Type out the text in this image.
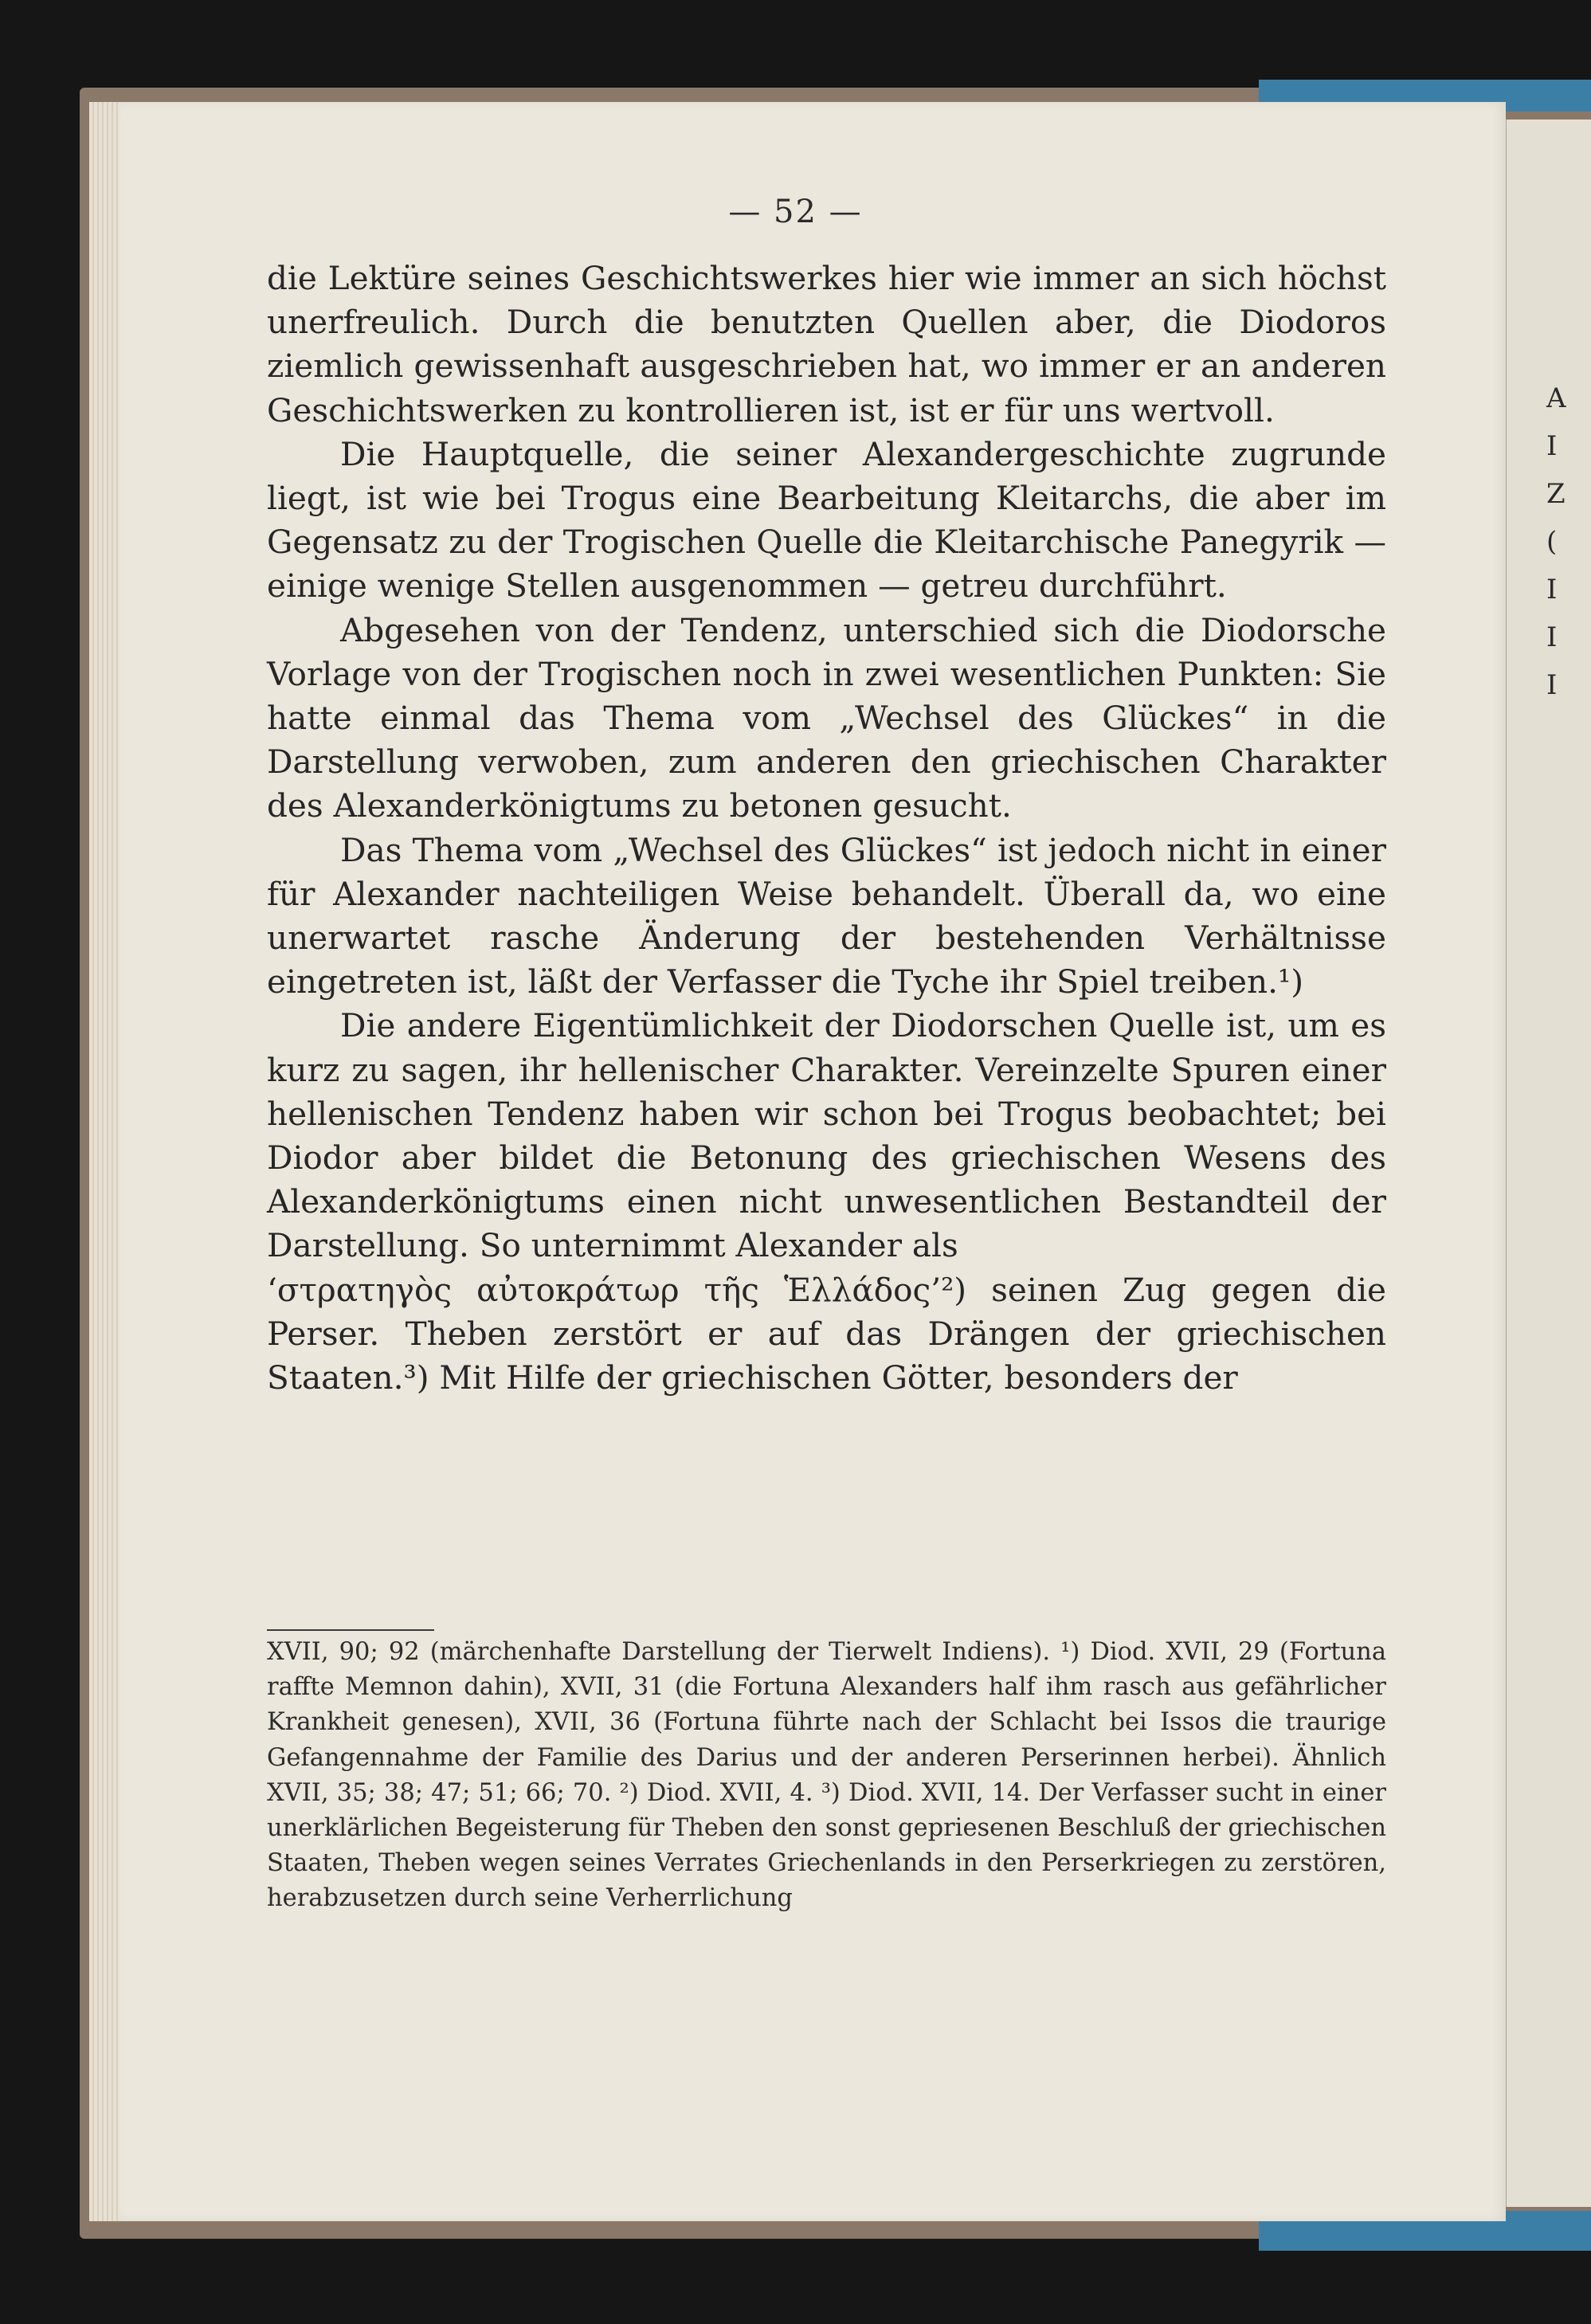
A
I
Z
(
I
I
I
— 52 —

die Lektüre seines Geschichtswerkes hier wie immer an sich höchst unerfreulich. Durch die benutzten Quellen aber, die Diodoros ziemlich gewissenhaft ausgeschrieben hat, wo immer er an anderen Geschichtswerken zu kontrollieren ist, ist er für uns wertvoll.

Die Hauptquelle, die seiner Alexandergeschichte zugrunde liegt, ist wie bei Trogus eine Bearbeitung Kleitarchs, die aber im Gegensatz zu der Trogischen Quelle die Kleitarchische Panegyrik — einige wenige Stellen ausgenommen — getreu durchführt.

Abgesehen von der Tendenz, unterschied sich die Diodorsche Vorlage von der Trogischen noch in zwei wesentlichen Punkten: Sie hatte einmal das Thema vom „Wechsel des Glückes“ in die Darstellung verwoben, zum anderen den griechischen Charakter des Alexanderkönigtums zu betonen gesucht.

Das Thema vom „Wechsel des Glückes“ ist jedoch nicht in einer für Alexander nachteiligen Weise behandelt. Überall da, wo eine unerwartet rasche Änderung der bestehenden Verhältnisse eingetreten ist, läßt der Verfasser die Tyche ihr Spiel treiben.¹)

Die andere Eigentümlichkeit der Diodorschen Quelle ist, um es kurz zu sagen, ihr hellenischer Charakter. Vereinzelte Spuren einer hellenischen Tendenz haben wir schon bei Trogus beobachtet; bei Diodor aber bildet die Betonung des griechischen Wesens des Alexanderkönigtums einen nicht unwesentlichen Bestandteil der Darstellung. So unternimmt Alexander als

‘στρατηγὸς αὐτοκράτωρ τῆς Ἑλλάδος’²) seinen Zug gegen die Perser. Theben zerstört er auf das Drängen der griechischen Staaten.³) Mit Hilfe der griechischen Götter, besonders der

XVII, 90; 92 (märchenhafte Darstellung der Tierwelt Indiens). ¹) Diod. XVII, 29 (Fortuna raffte Memnon dahin), XVII, 31 (die Fortuna Alexanders half ihm rasch aus gefährlicher Krankheit genesen), XVII, 36 (Fortuna führte nach der Schlacht bei Issos die traurige Gefangennahme der Familie des Darius und der anderen Perserinnen herbei). Ähnlich XVII, 35; 38; 47; 51; 66; 70. ²) Diod. XVII, 4. ³) Diod. XVII, 14. Der Verfasser sucht in einer unerklärlichen Begeisterung für Theben den sonst gepriesenen Beschluß der griechischen Staaten, Theben wegen seines Verrates Griechenlands in den Perserkriegen zu zerstören, herabzusetzen durch seine Verherrlichung
